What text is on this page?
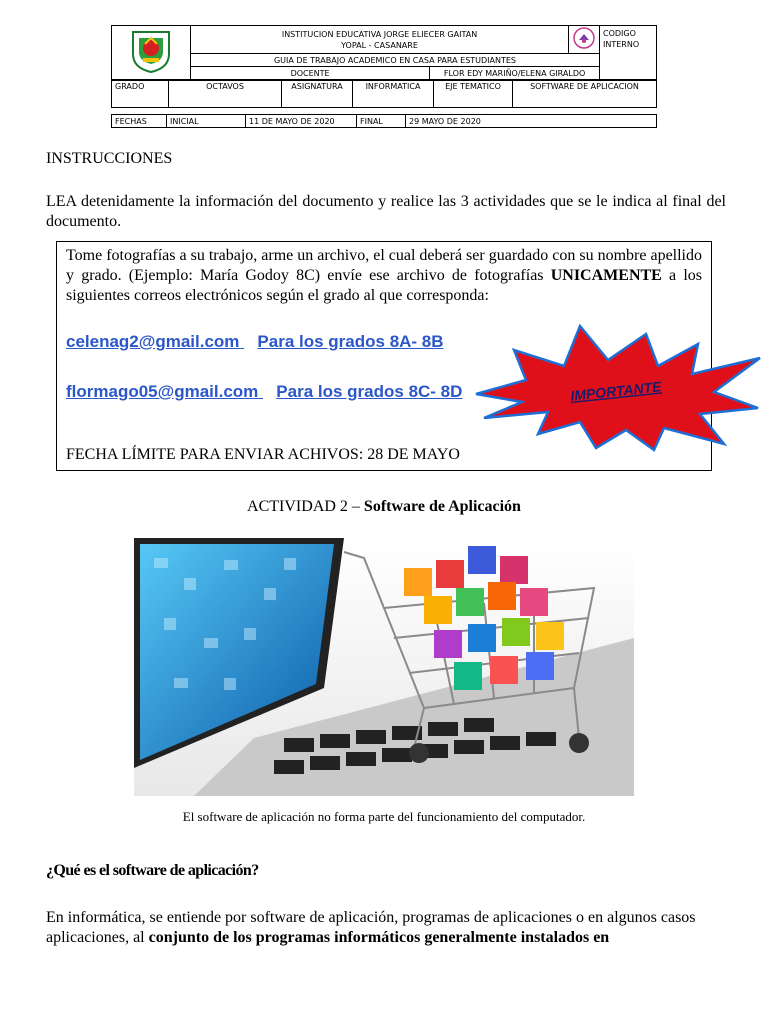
INSTITUCION EDUCATIVA JORGE ELIECER GAITAN
YOPAL - CASANARE			CODIGO INTERNO
	GUIA DE TRABAJO ACADEMICO EN CASA PARA ESTUDIANTES			
	DOCENTE	FLOR EDY MARIÑO/ELENA GIRALDO		
GRADO	OCTAVOS	ASIGNATURA	INFORMATICA	EJE TEMATICO	SOFTWARE DE APLICACION
FECHAS	INICIAL	11 DE MAYO DE 2020	FINAL	29 MAYO DE 2020
INSTRUCCIONES
LEA detenidamente la información del documento y realice las 3 actividades que se le indica al final del documento.
Tome fotografías a su trabajo, arme un archivo, el cual deberá ser guardado con su nombre apellido y grado. (Ejemplo: María Godoy 8C) envíe ese archivo de fotografías UNICAMENTE a los siguientes correos electrónicos según el grado al que corresponda:
celenag2@gmail.com Para los grados 8A- 8B
flormago05@gmail.com Para los grados 8C- 8D
FECHA LÍMITE PARA ENVIAR ACHIVOS: 28 DE MAYO
IMPORTANTE
ACTIVIDAD 2 – Software de Aplicación
El software de aplicación no forma parte del funcionamiento del computador.
¿Qué es el software de aplicación?
En informática, se entiende por software de aplicación, programas de aplicaciones o en algunos casos aplicaciones, al conjunto de los programas informáticos generalmente instalados en
